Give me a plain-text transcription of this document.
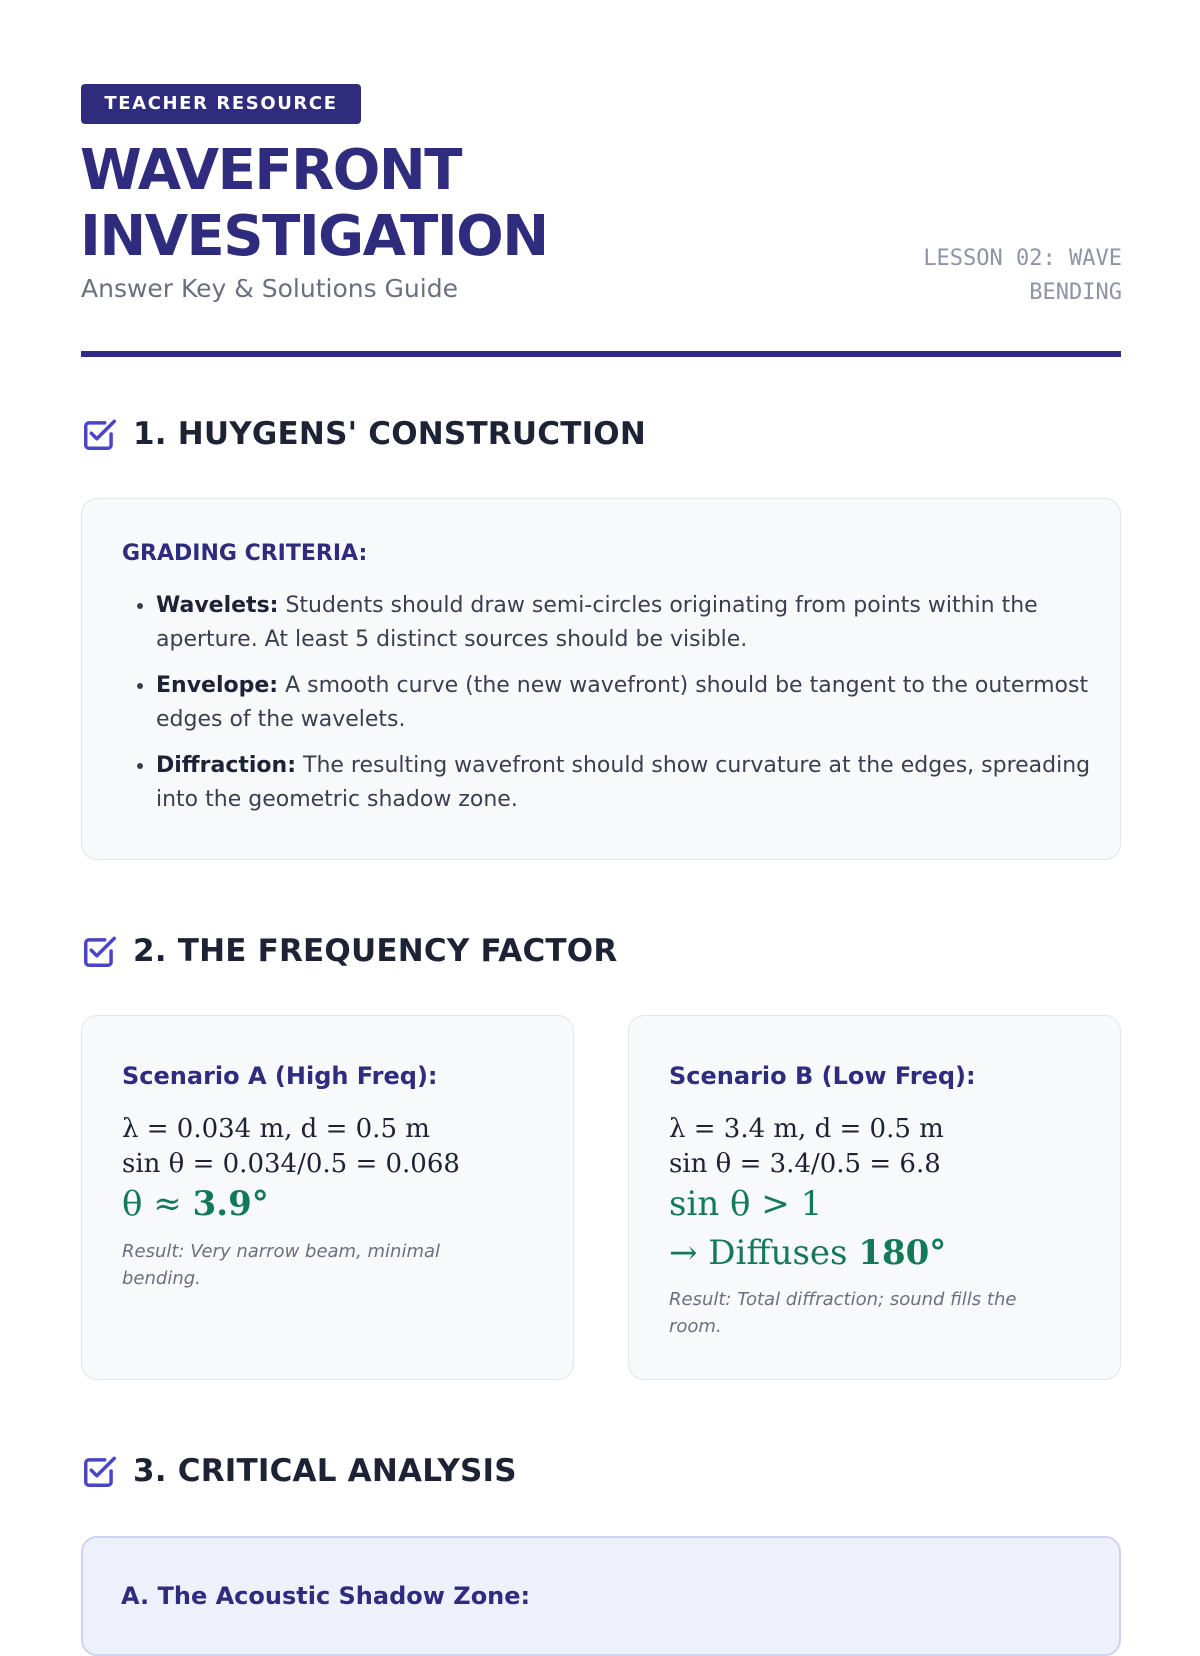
TEACHER RESOURCE
WAVEFRONT
INVESTIGATION
Answer Key & Solutions Guide
LESSON 02: WAVE
BENDING
1. HUYGENS' CONSTRUCTION
GRADING CRITERIA:
• Wavelets: Students should draw semi-circles originating from points within the aperture. At least 5 distinct sources should be visible.
• Envelope: A smooth curve (the new wavefront) should be tangent to the outermost edges of the wavelets.
• Diffraction: The resulting wavefront should show curvature at the edges, spreading into the geometric shadow zone.
2. THE FREQUENCY FACTOR
Scenario A (High Freq):
λ = 0.034 m, d = 0.5 m
sin θ = 0.034/0.5 = 0.068
θ ≈ 3.9°
Result: Very narrow beam, minimal bending.
Scenario B (Low Freq):
λ = 3.4 m, d = 0.5 m
sin θ = 3.4/0.5 = 6.8
sin θ > 1
→ Diffuses 180°
Result: Total diffraction; sound fills the room.
3. CRITICAL ANALYSIS
A. The Acoustic Shadow Zone:
